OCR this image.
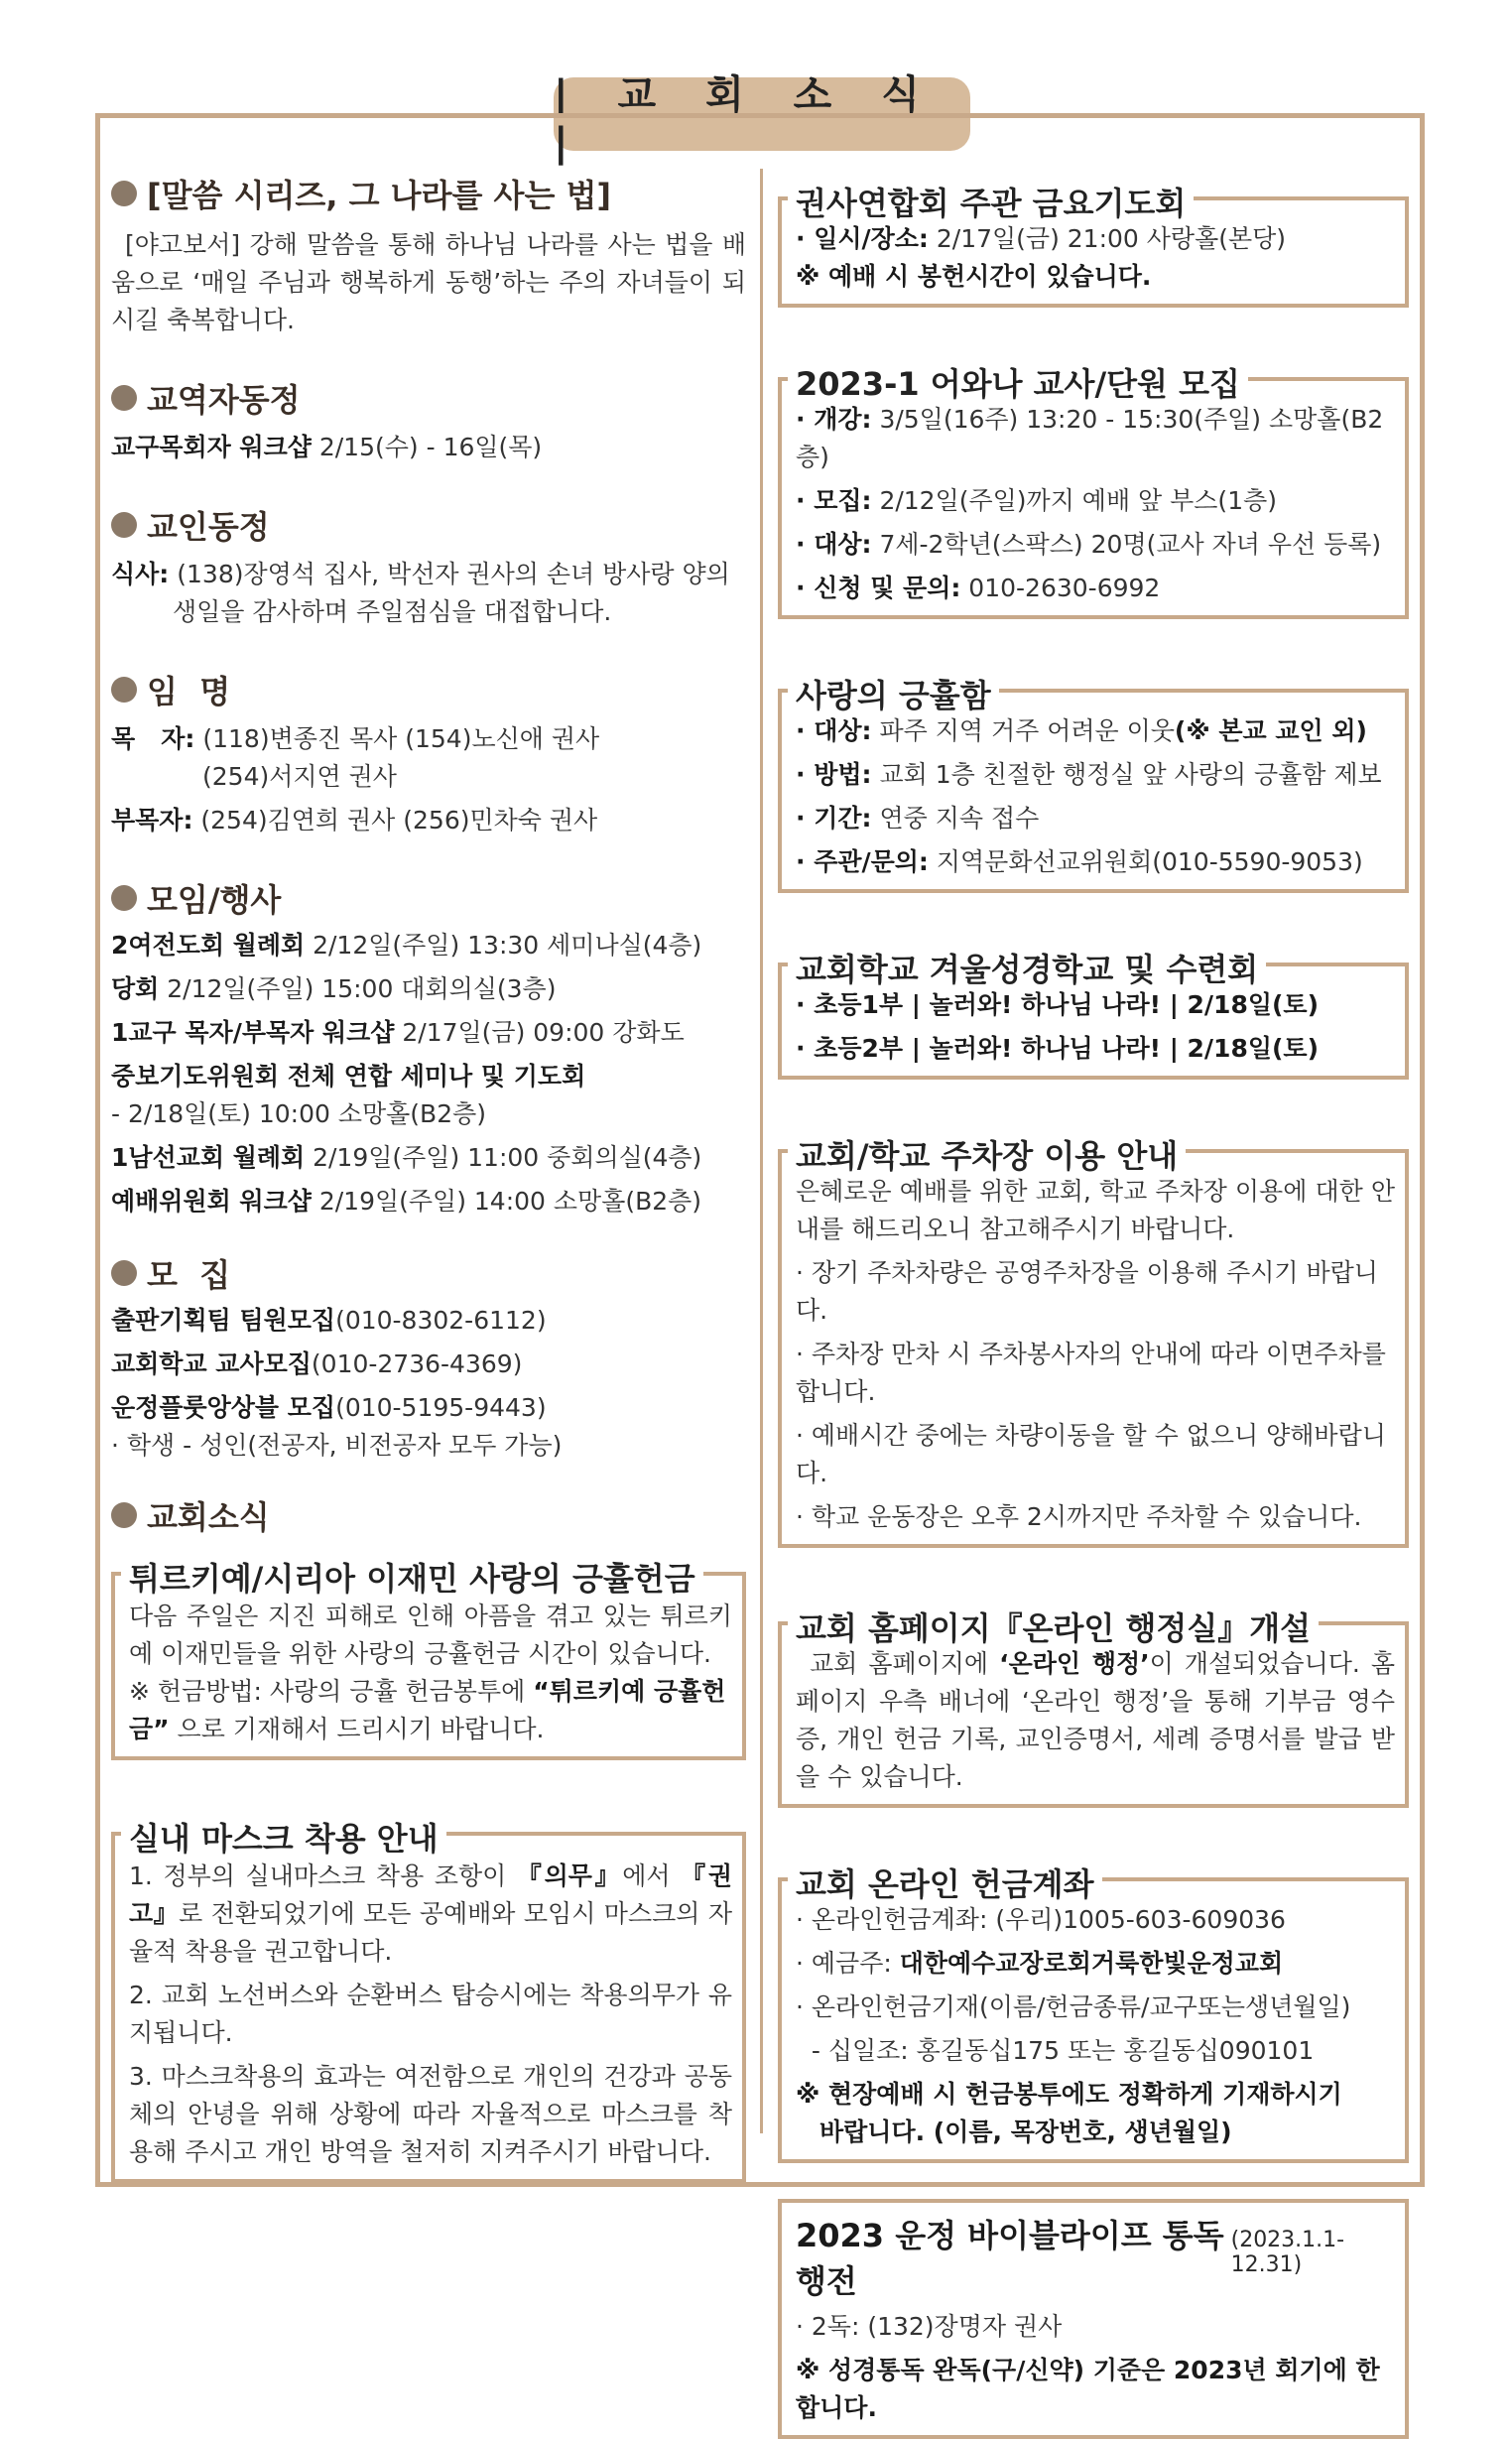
| 교 회 소 식 |
[말씀 시리즈, 그 나라를 사는 법]
[야고보서] 강해 말씀을 통해 하나님 나라를 사는 법을 배움으로 ‘매일 주님과 행복하게 동행’하는 주의 자녀들이 되시길 축복합니다.
교역자동정
교구목회자 워크샵 2/15(수) - 16일(목)
교인동정
식사: (138)장영석 집사, 박선자 권사의 손녀 방사랑 양의
생일을 감사하며 주일점심을 대접합니다.
임  명
목   자: (118)변종진 목사 (154)노신애 권사
(254)서지연 권사
부목자: (254)김연희 권사 (256)민차숙 권사
모임/행사
2여전도회 월례회 2/12일(주일) 13:30 세미나실(4층)
당회 2/12일(주일) 15:00 대회의실(3층)
1교구 목자/부목자 워크샵 2/17일(금) 09:00 강화도
중보기도위원회 전체 연합 세미나 및 기도회
- 2/18일(토) 10:00 소망홀(B2층)
1남선교회 월례회 2/19일(주일) 11:00 중회의실(4층)
예배위원회 워크샵 2/19일(주일) 14:00 소망홀(B2층)
모  집
출판기획팀 팀원모집(010-8302-6112)
교회학교 교사모집(010-2736-4369)
운정플룻앙상블 모집(010-5195-9443)
· 학생 - 성인(전공자, 비전공자 모두 가능)
교회소식
튀르키예/시리아 이재민 사랑의 긍휼헌금
다음 주일은 지진 피해로 인해 아픔을 겪고 있는 튀르키예 이재민들을 위한 사랑의 긍휼헌금 시간이 있습니다.
※ 헌금방법: 사랑의 긍휼 헌금봉투에 “튀르키예 긍휼헌금” 으로 기재해서 드리시기 바랍니다.
실내 마스크 착용 안내
1. 정부의 실내마스크 착용 조항이 『의무』에서 『권고』로 전환되었기에 모든 공예배와 모임시 마스크의 자율적 착용을 권고합니다.
2. 교회 노선버스와 순환버스 탑승시에는 착용의무가 유지됩니다.
3. 마스크착용의 효과는 여전함으로 개인의 건강과 공동체의 안녕을 위해 상황에 따라 자율적으로 마스크를 착용해 주시고 개인 방역을 철저히 지켜주시기 바랍니다.
권사연합회 주관 금요기도회
· 일시/장소: 2/17일(금) 21:00 사랑홀(본당)
※ 예배 시 봉헌시간이 있습니다.
2023-1 어와나 교사/단원 모집
· 개강: 3/5일(16주) 13:20 - 15:30(주일) 소망홀(B2층)
· 모집: 2/12일(주일)까지 예배 앞 부스(1층)
· 대상: 7세-2학년(스팍스) 20명(교사 자녀 우선 등록)
· 신청 및 문의: 010-2630-6992
사랑의 긍휼함
· 대상: 파주 지역 거주 어려운 이웃(※ 본교 교인 외)
· 방법: 교회 1층 친절한 행정실 앞 사랑의 긍휼함 제보
· 기간: 연중 지속 접수
· 주관/문의: 지역문화선교위원회(010-5590-9053)
교회학교 겨울성경학교 및 수련회
· 초등1부 | 놀러와! 하나님 나라! | 2/18일(토)
· 초등2부 | 놀러와! 하나님 나라! | 2/18일(토)
교회/학교 주차장 이용 안내
은혜로운 예배를 위한 교회, 학교 주차장 이용에 대한 안내를 해드리오니 참고해주시기 바랍니다.
· 장기 주차차량은 공영주차장을 이용해 주시기 바랍니다.
· 주차장 만차 시 주차봉사자의 안내에 따라 이면주차를 합니다.
· 예배시간 중에는 차량이동을 할 수 없으니 양해바랍니다.
· 학교 운동장은 오후 2시까지만 주차할 수 있습니다.
교회 홈페이지『온라인 행정실』개설
교회 홈페이지에 ‘온라인 행정’이 개설되었습니다. 홈페이지 우측 배너에 ‘온라인 행정’을 통해 기부금 영수증, 개인 헌금 기록, 교인증명서, 세례 증명서를 발급 받을 수 있습니다.
교회 온라인 헌금계좌
· 온라인헌금계좌: (우리)1005-603-609036
· 예금주: 대한예수교장로회거룩한빛운정교회
· 온라인헌금기재(이름/헌금종류/교구또는생년월일)
- 십일조: 홍길동십175 또는 홍길동십090101
※ 현장예배 시 헌금봉투에도 정확하게 기재하시기
바랍니다. (이름, 목장번호, 생년월일)
2023 운정 바이블라이프 통독행전
(2023.1.1-12.31)
· 2독: (132)장명자 권사
※ 성경통독 완독(구/신약) 기준은 2023년 회기에 한합니다.
